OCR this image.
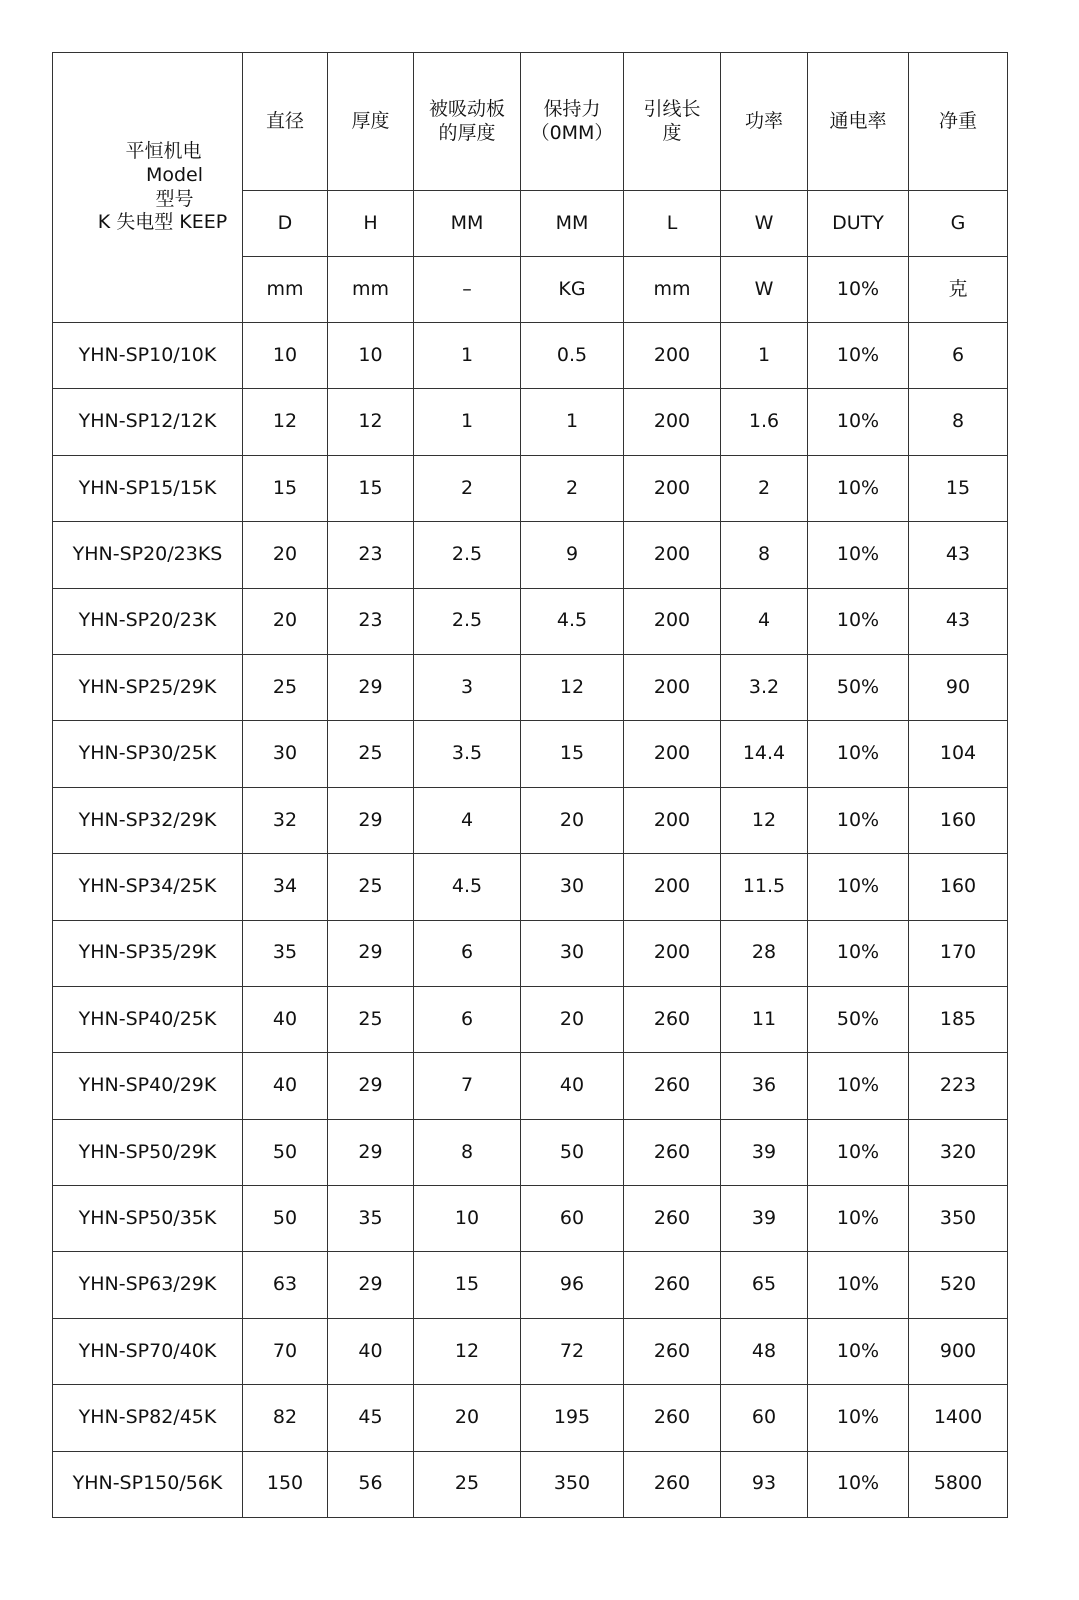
平恒机电
Model
型号
K 失电型 KEEP	直径	厚度	被吸动板的厚度	保持力（0MM）	引线长度	功率	通电率	净重
	D	H	MM	MM	L	W	DUTY	G
	mm	mm	–	KG	mm	W	10%	克
YHN-SP10/10K	10	10	1	0.5	200	1	10%	6
YHN-SP12/12K	12	12	1	1	200	1.6	10%	8
YHN-SP15/15K	15	15	2	2	200	2	10%	15
YHN-SP20/23KS	20	23	2.5	9	200	8	10%	43
YHN-SP20/23K	20	23	2.5	4.5	200	4	10%	43
YHN-SP25/29K	25	29	3	12	200	3.2	50%	90
YHN-SP30/25K	30	25	3.5	15	200	14.4	10%	104
YHN-SP32/29K	32	29	4	20	200	12	10%	160
YHN-SP34/25K	34	25	4.5	30	200	11.5	10%	160
YHN-SP35/29K	35	29	6	30	200	28	10%	170
YHN-SP40/25K	40	25	6	20	260	11	50%	185
YHN-SP40/29K	40	29	7	40	260	36	10%	223
YHN-SP50/29K	50	29	8	50	260	39	10%	320
YHN-SP50/35K	50	35	10	60	260	39	10%	350
YHN-SP63/29K	63	29	15	96	260	65	10%	520
YHN-SP70/40K	70	40	12	72	260	48	10%	900
YHN-SP82/45K	82	45	20	195	260	60	10%	1400
YHN-SP150/56K	150	56	25	350	260	93	10%	5800
